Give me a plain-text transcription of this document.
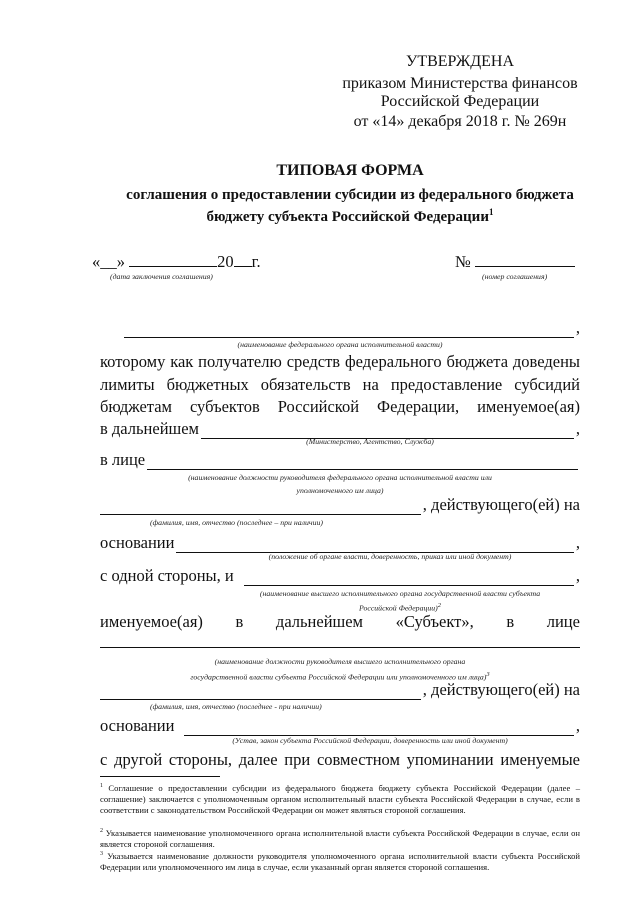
УТВЕРЖДЕНА
приказом Министерства финансов
Российской Федерации
от «14» декабря 2018 г. № 269н
ТИПОВАЯ ФОРМА
соглашения о предоставлении субсидии из федерального бюджета
бюджету субъекта Российской Федерации$^1$
«__»	20 г.
(дата заключения соглашения)
№
(номер соглашения)
,
(наименование федерального органа исполнительной власти)
которому как получателю средств федерального бюджета доведены
лимиты бюджетных обязательств на предоставление субсидий
бюджетам субъектов Российской Федерации, именуемое(ая)
в дальнейшем	,
(Министерство, Агентство, Служба)
в лице
(наименование должности руководителя федерального органа исполнительной власти или
уполномоченного им лица)
, действующего(ей) на
(фамилия, имя, отчество (последнее – при наличии)
основании	,
(положение об органе власти, доверенность, приказ или иной документ)
с одной стороны, и	,
(наименование высшего исполнительного органа государственной власти субъекта
Российской Федерации)$^2$
именуемое(ая) в дальнейшем «Субъект», в лице
(наименование должности руководителя высшего исполнительного органа
государственной власти субъекта Российской Федерации или уполномоченного им лица)$^3$
, действующего(ей) на
(фамилия, имя, отчество (последнее - при наличии)
основании	,
(Устав, закон субъекта Российской Федерации, доверенность или иной документ)
с другой стороны, далее при совместном упоминании именуемые
$^1$ Соглашение о предоставлении субсидии из федерального бюджета бюджету субъекта Российской Федерации (далее – соглашение) заключается с уполномоченным органом исполнительный власти субъекта Российской Федерации в случае, если в соответствии с законодательством Российской Федерации он может являться стороной соглашения.
$^2$ Указывается наименование уполномоченного органа исполнительной власти субъекта Российской Федерации в случае, если он является стороной соглашения.
$^3$ Указывается наименование должности руководителя уполномоченного органа исполнительной власти субъекта Российской Федерации или уполномоченного им лица в случае, если указанный орган является стороной соглашения.
